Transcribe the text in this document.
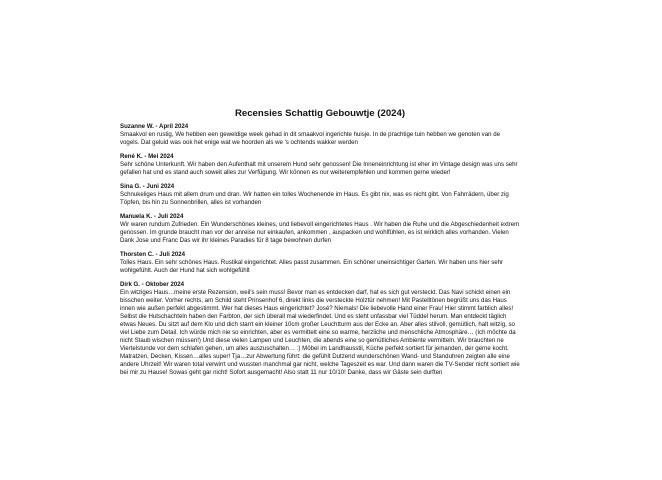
Recensies Schattig Gebouwtje (2024)

Suzanne W. - April 2024

Smaakvol en rustig, We hebben een geweldige week gehad in dit smaakvol ingerichte huisje. In de prachtige tuin hebben we genoten van de vogels. Dat geluid was ook het enige wat we hoorden als we 's ochtends wakker werden

René K. - Mei 2024

Sehr schöne Unterkunft. Wir haben den Aufenthalt mit unserem Hund sehr genossen! Die Inneneinrichtung ist eher im Vintage design was uns sehr gefallen hat und es stand auch soweit alles zur Verfügung. Wir können es nur weiterempfehlen und kommen gerne wieder!

Sina G. - Juni 2024

Schnukeliges Haus mit allem drum und dran. Wir hatten ein tolles Wochenende im Haus. Es gibt nix, was es nicht gibt. Von Fahrrädern, über zig Töpfen, bis hin zu Sonnenbrillen, alles ist vorhanden

Manuela K. - Juli 2024

Wir waren rundum Zufrieden. Ein Wunderschönes kleines, und liebevoll eingerichtetes Haus . Wir haben die Ruhe und die Abgeschiedenheit extrem genossen. Im grunde braucht man vor der anreise nur einkaufen, ankommen , auspacken und wohlfühlen, es ist wirklich alles vorhanden. Vielen Dank Jose und Franc Das wir ihr kleines Paradies für 8 tage bewohnen durfen

Thorsten C. - Juli 2024

Tolles Haus. Ein sehr schönes Haus. Rustikal eingerichtet. Alles passt zusammen. Ein schöner uneinsichtiger Garten. Wir haben uns hier sehr wohlgefühlt. Auch der Hund hat sich wohlgefühlt

Dirk G. - Oktober 2024

Ein witziges Haus…meine erste Rezension, weil's sein muss! Bevor man es entdecken darf, hat es sich gut versteckt. Das Navi schickt einen ein bisschen weiter. Vorher rechts, am Schild steht Prinsenhof 6, direkt links die versteckte Holztür nehmen! Mit Pastelltönen begrüßt uns das Haus innen wie außen perfekt abgestimmt. Wer hat dieses Haus eingerichtet? José? Niemals! Die liebevolle Hand einer Frau! Hier stimmt farblich alles! Selbst die Hutschachteln haben den Farbton, der sich überall mal wiederfindet. Und es steht unfassbar viel Tüddel herum. Man entdeckt täglich etwas Neues. Du sitzt auf dem Klo und dich starrt ein kleiner 10cm großer Leuchtturm aus der Ecke an. Aber alles stilvoll, gemütlich, halt witzig, so viel Liebe zum Detail. Ich würde mich nie so einrichten, aber es vermittelt eine so warme, herzliche und menschliche Atmosphäre… (Ich möchte da nicht Staub wischen müssen!) Und diese vielen Lampen und Leuchten, die abends eine so gemütliches Ambiente vermitteln. Wir brauchten ne Viertelstunde vor dem schlafen gehen, um alles auszuschalten… :) Möbel im Landhausstil, Küche perfekt sortiert für jemanden, der gerne kocht. Matratzen, Decken, Kissen…alles super! Tja…zur Abwertung führt: die gefühlt Dutzend wunderschönen Wand- und Standuhren zeigten alle eine andere Uhrzeit! Wir waren total verwirrt und wussten manchmal gar nicht, welche Tageszeit es war. Und dann waren die TV-Sender nicht sortiert wie bei mir zu Hause! Sowas geht gar nicht! Sofort ausgemacht! Also statt 11 nur 10/10! Danke, dass wir Gäste sein durften
